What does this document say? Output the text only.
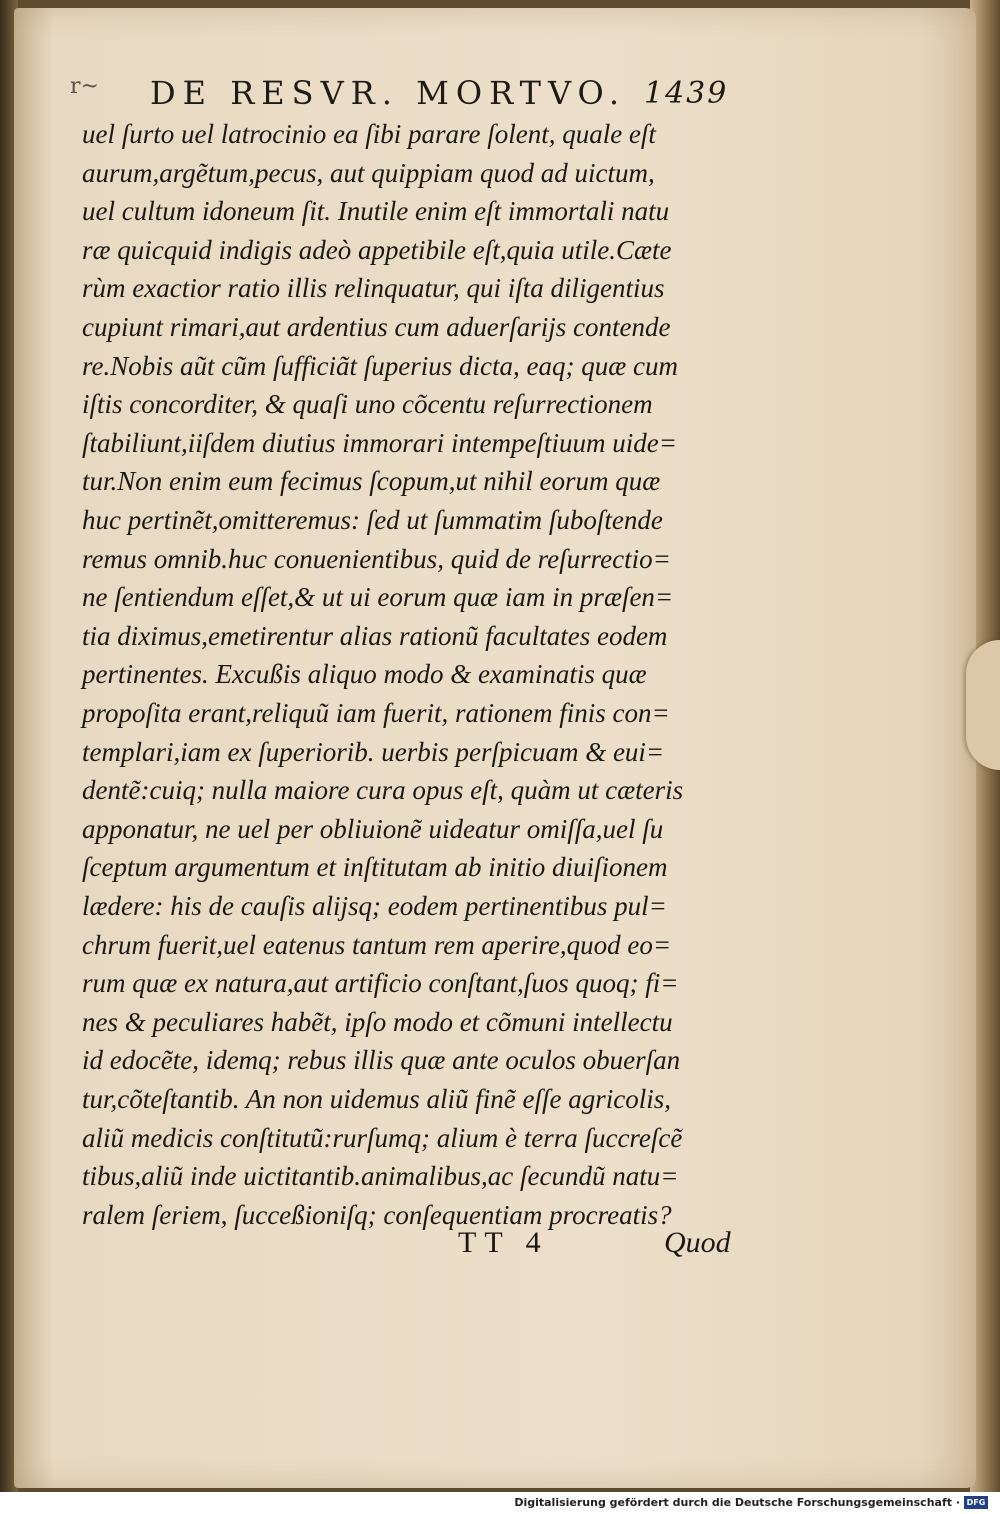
r~ DE RESVR. MORTVO. 1439
uel ſurto uel latrocinio ea ſibi parare ſolent, quale eſt
aurum,argẽtum,pecus, aut quippiam quod ad uictum,
uel cultum idoneum ſit. Inutile enim eſt immortali natu
ræ quicquid indigis adeò appetibile eſt,quia utile.Cæte
rùm exactior ratio illis relinquatur, qui iſta diligentius
cupiunt rimari,aut ardentius cum aduerſarijs contende
re.Nobis aũt cũm ſufficiãt ſuperius dicta, eaq; quæ cum
iſtis concorditer, & quaſi uno cõcentu reſurrectionem
ſtabiliunt,iiſdem diutius immorari intempeſtiuum uide=
tur.Non enim eum fecimus ſcopum,ut nihil eorum quæ
huc pertinẽt,omitteremus: ſed ut ſummatim ſuboſtende
remus omnib.huc conuenientibus, quid de reſurrectio=
ne ſentiendum eſſet,& ut ui eorum quæ iam in præſen=
tia diximus,emetirentur alias rationũ facultates eodem
pertinentes. Excußis aliquo modo & examinatis quæ
propoſita erant,reliquũ iam fuerit, rationem finis con=
templari,iam ex ſuperiorib. uerbis perſpicuam & eui=
dentẽ:cuiq; nulla maiore cura opus eſt, quàm ut cæteris
apponatur, ne uel per obliuionẽ uideatur omiſſa,uel ſu
ſceptum argumentum et inſtitutam ab initio diuiſionem
lædere: his de cauſis alijsq; eodem pertinentibus pul=
chrum fuerit,uel eatenus tantum rem aperire,quod eo=
rum quæ ex natura,aut artificio conſtant,ſuos quoq; fi=
nes & peculiares habẽt, ipſo modo et cõmuni intellectu
id edocẽte, idemq; rebus illis quæ ante oculos obuerſan
tur,cõteſtantib. An non uidemus aliũ finẽ eſſe agricolis,
aliũ medicis conſtitutũ:rurſumq; alium è terra ſuccreſcẽ
tibus,aliũ inde uictitantib.animalibus,ac ſecundũ natu=
ralem ſeriem, ſucceßioniſq; conſequentiam procreatis?
TT 4	Quod
Digitalisierung gefördert durch die Deutsche Forschungsgemeinschaft · DFG
